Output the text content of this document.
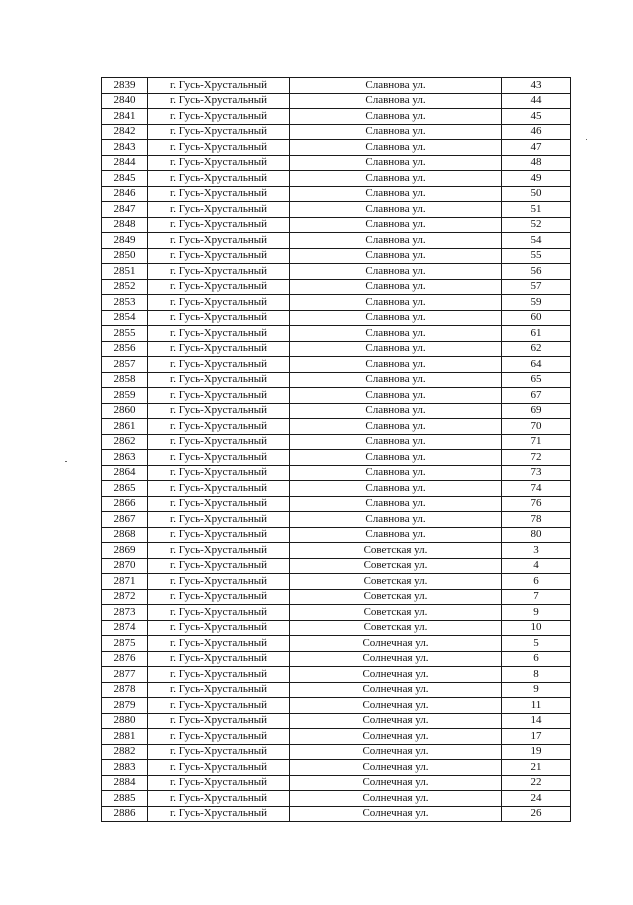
2839	г. Гусь-Хрустальный	Славнова ул.	43
2840	г. Гусь-Хрустальный	Славнова ул.	44
2841	г. Гусь-Хрустальный	Славнова ул.	45
2842	г. Гусь-Хрустальный	Славнова ул.	46
2843	г. Гусь-Хрустальный	Славнова ул.	47
2844	г. Гусь-Хрустальный	Славнова ул.	48
2845	г. Гусь-Хрустальный	Славнова ул.	49
2846	г. Гусь-Хрустальный	Славнова ул.	50
2847	г. Гусь-Хрустальный	Славнова ул.	51
2848	г. Гусь-Хрустальный	Славнова ул.	52
2849	г. Гусь-Хрустальный	Славнова ул.	54
2850	г. Гусь-Хрустальный	Славнова ул.	55
2851	г. Гусь-Хрустальный	Славнова ул.	56
2852	г. Гусь-Хрустальный	Славнова ул.	57
2853	г. Гусь-Хрустальный	Славнова ул.	59
2854	г. Гусь-Хрустальный	Славнова ул.	60
2855	г. Гусь-Хрустальный	Славнова ул.	61
2856	г. Гусь-Хрустальный	Славнова ул.	62
2857	г. Гусь-Хрустальный	Славнова ул.	64
2858	г. Гусь-Хрустальный	Славнова ул.	65
2859	г. Гусь-Хрустальный	Славнова ул.	67
2860	г. Гусь-Хрустальный	Славнова ул.	69
2861	г. Гусь-Хрустальный	Славнова ул.	70
2862	г. Гусь-Хрустальный	Славнова ул.	71
2863	г. Гусь-Хрустальный	Славнова ул.	72
2864	г. Гусь-Хрустальный	Славнова ул.	73
2865	г. Гусь-Хрустальный	Славнова ул.	74
2866	г. Гусь-Хрустальный	Славнова ул.	76
2867	г. Гусь-Хрустальный	Славнова ул.	78
2868	г. Гусь-Хрустальный	Славнова ул.	80
2869	г. Гусь-Хрустальный	Советская ул.	3
2870	г. Гусь-Хрустальный	Советская ул.	4
2871	г. Гусь-Хрустальный	Советская ул.	6
2872	г. Гусь-Хрустальный	Советская ул.	7
2873	г. Гусь-Хрустальный	Советская ул.	9
2874	г. Гусь-Хрустальный	Советская ул.	10
2875	г. Гусь-Хрустальный	Солнечная ул.	5
2876	г. Гусь-Хрустальный	Солнечная ул.	6
2877	г. Гусь-Хрустальный	Солнечная ул.	8
2878	г. Гусь-Хрустальный	Солнечная ул.	9
2879	г. Гусь-Хрустальный	Солнечная ул.	11
2880	г. Гусь-Хрустальный	Солнечная ул.	14
2881	г. Гусь-Хрустальный	Солнечная ул.	17
2882	г. Гусь-Хрустальный	Солнечная ул.	19
2883	г. Гусь-Хрустальный	Солнечная ул.	21
2884	г. Гусь-Хрустальный	Солнечная ул.	22
2885	г. Гусь-Хрустальный	Солнечная ул.	24
2886	г. Гусь-Хрустальный	Солнечная ул.	26
